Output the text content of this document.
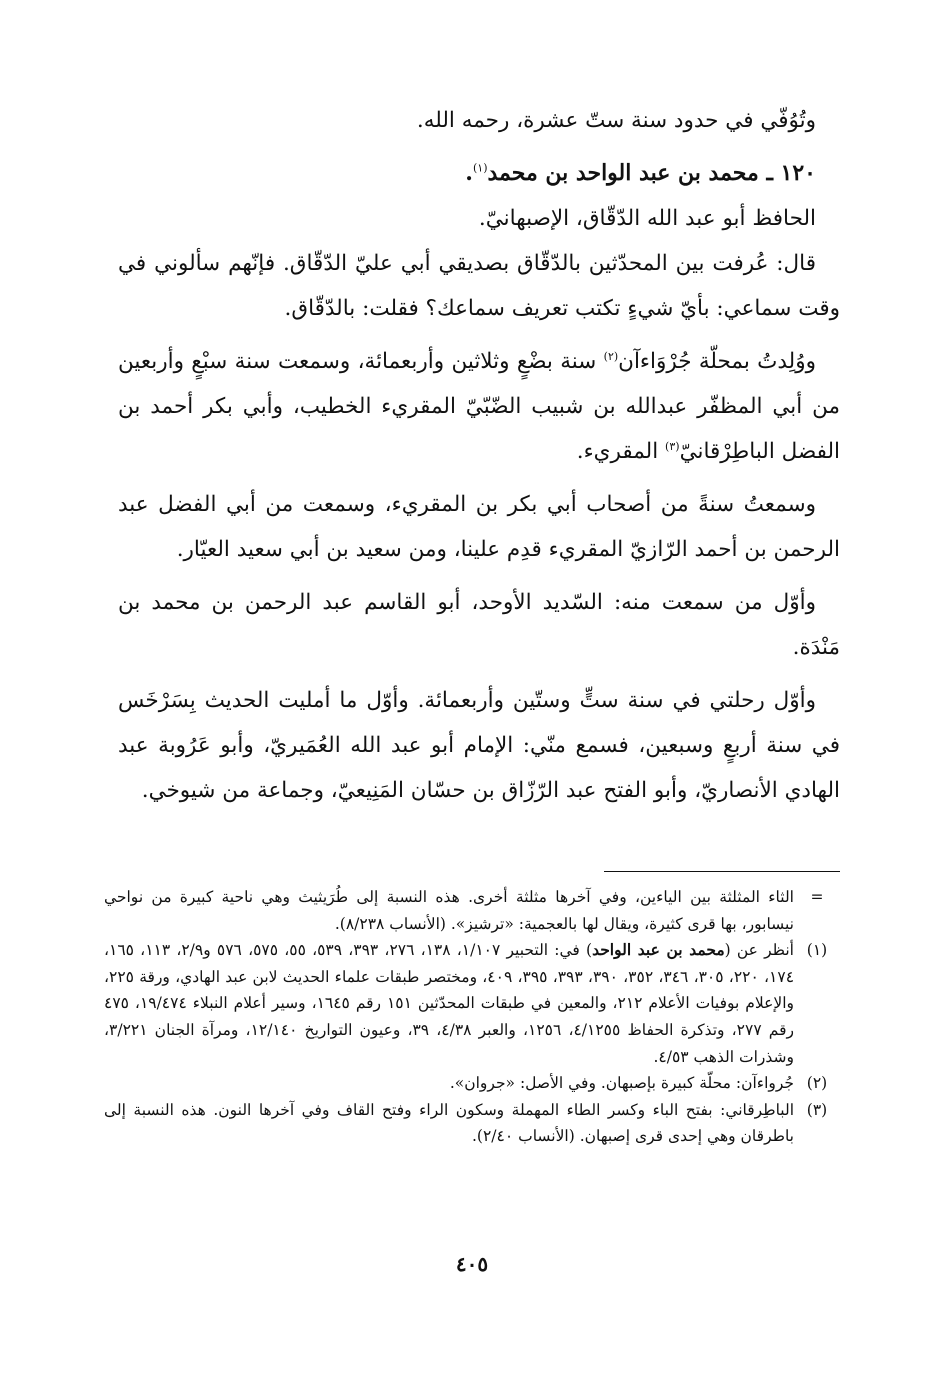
وتُوُفّي في حدود سنة ستّ عشرة، رحمه الله.

١٢٠ ـ محمد بن عبد الواحد بن محمد$^{(١)}$.

الحافظ أبو عبد الله الدّقّاق، الإصبهانيّ.

قال: عُرفت بين المحدّثين بالدّقّاق بصديقي أبي عليّ الدّقّاق. فإنّهم سألوني في وقت سماعي: بأيّ شيءٍ تكتب تعريف سماعك؟ فقلت: بالدّقّاق.

ووُلِدتُ بمحلّة جُرْوَاءآن$^{(٢)}$ سنة بضْعٍ وثلاثين وأربعمائة، وسمعت سنة سبْعٍ وأربعين من أبي المظفّر عبدالله بن شبيب الضّبّيّ المقريء الخطيب، وأبي بكر أحمد بن الفضل الباطِرْقانيّ$^{(٣)}$ المقريء.

وسمعتُ سنةً من أصحاب أبي بكر بن المقريء، وسمعت من أبي الفضل عبد الرحمن بن أحمد الرّازيّ المقريء قدِم علينا، ومن سعيد بن أبي سعيد العيّار.

وأوّل من سمعت منه: السّديد الأوحد، أبو القاسم عبد الرحمن بن محمد بن مَنْدَة.

وأوّل رحلتي في سنة ستٍّ وستّين وأربعمائة. وأوّل ما أمليت الحديث بِسَرْخَس في سنة أربعٍ وسبعين، فسمع منّي: الإمام أبو عبد الله العُمَيريّ، وأبو عَرُوبة عبد الهادي الأنصاريّ، وأبو الفتح عبد الرّزّاق بن حسّان المَنِيعيّ، وجماعة من شيوخي.

=
الثاء المثلثة بين الياءين، وفي آخرها مثلثة أخرى. هذه النسبة إلى طُرَيثيث وهي ناحية كبيرة من نواحي نيسابور، بها قرى كثيرة، ويقال لها بالعجمية: «ترشيز». (الأنساب ٨/٢٣٨).
(١)
أنظر عن (محمد بن عبد الواحد) في: التحبير ١/١٠٧، ١٣٨، ٢٧٦، ٣٩٣، ٥٣٩، ٥٥، ٥٧٥، ٥٧٦ و٢/٩، ١١٣، ١٦٥، ١٧٤، ٢٢٠، ٣٠٥، ٣٤٦، ٣٥٢، ٣٩٠، ٣٩٣، ٣٩٥، ٤٠٩، ومختصر طبقات علماء الحديث لابن عبد الهادي، ورقة ٢٢٥، والإعلام بوفيات الأعلام ٢١٢، والمعين في طبقات المحدّثين ١٥١ رقم ١٦٤٥، وسير أعلام النبلاء ١٩/٤٧٤، ٤٧٥ رقم ٢٧٧، وتذكرة الحفاظ ٤/١٢٥٥، ١٢٥٦، والعبر ٤/٣٨، ٣٩، وعيون التواريخ ١٢/١٤٠، ومرآة الجنان ٣/٢٢١، وشذرات الذهب ٤/٥٣.
(٢)
جُرواءآن: محلّة كبيرة بإصبهان. وفي الأصل: «جروان».
(٣)
الباطِرقاني: بفتح الباء وكسر الطاء المهملة وسكون الراء وفتح القاف وفي آخرها النون. هذه النسبة إلى باطرقان وهي إحدى قرى إصبهان. (الأنساب ٢/٤٠).
٤٠٥
